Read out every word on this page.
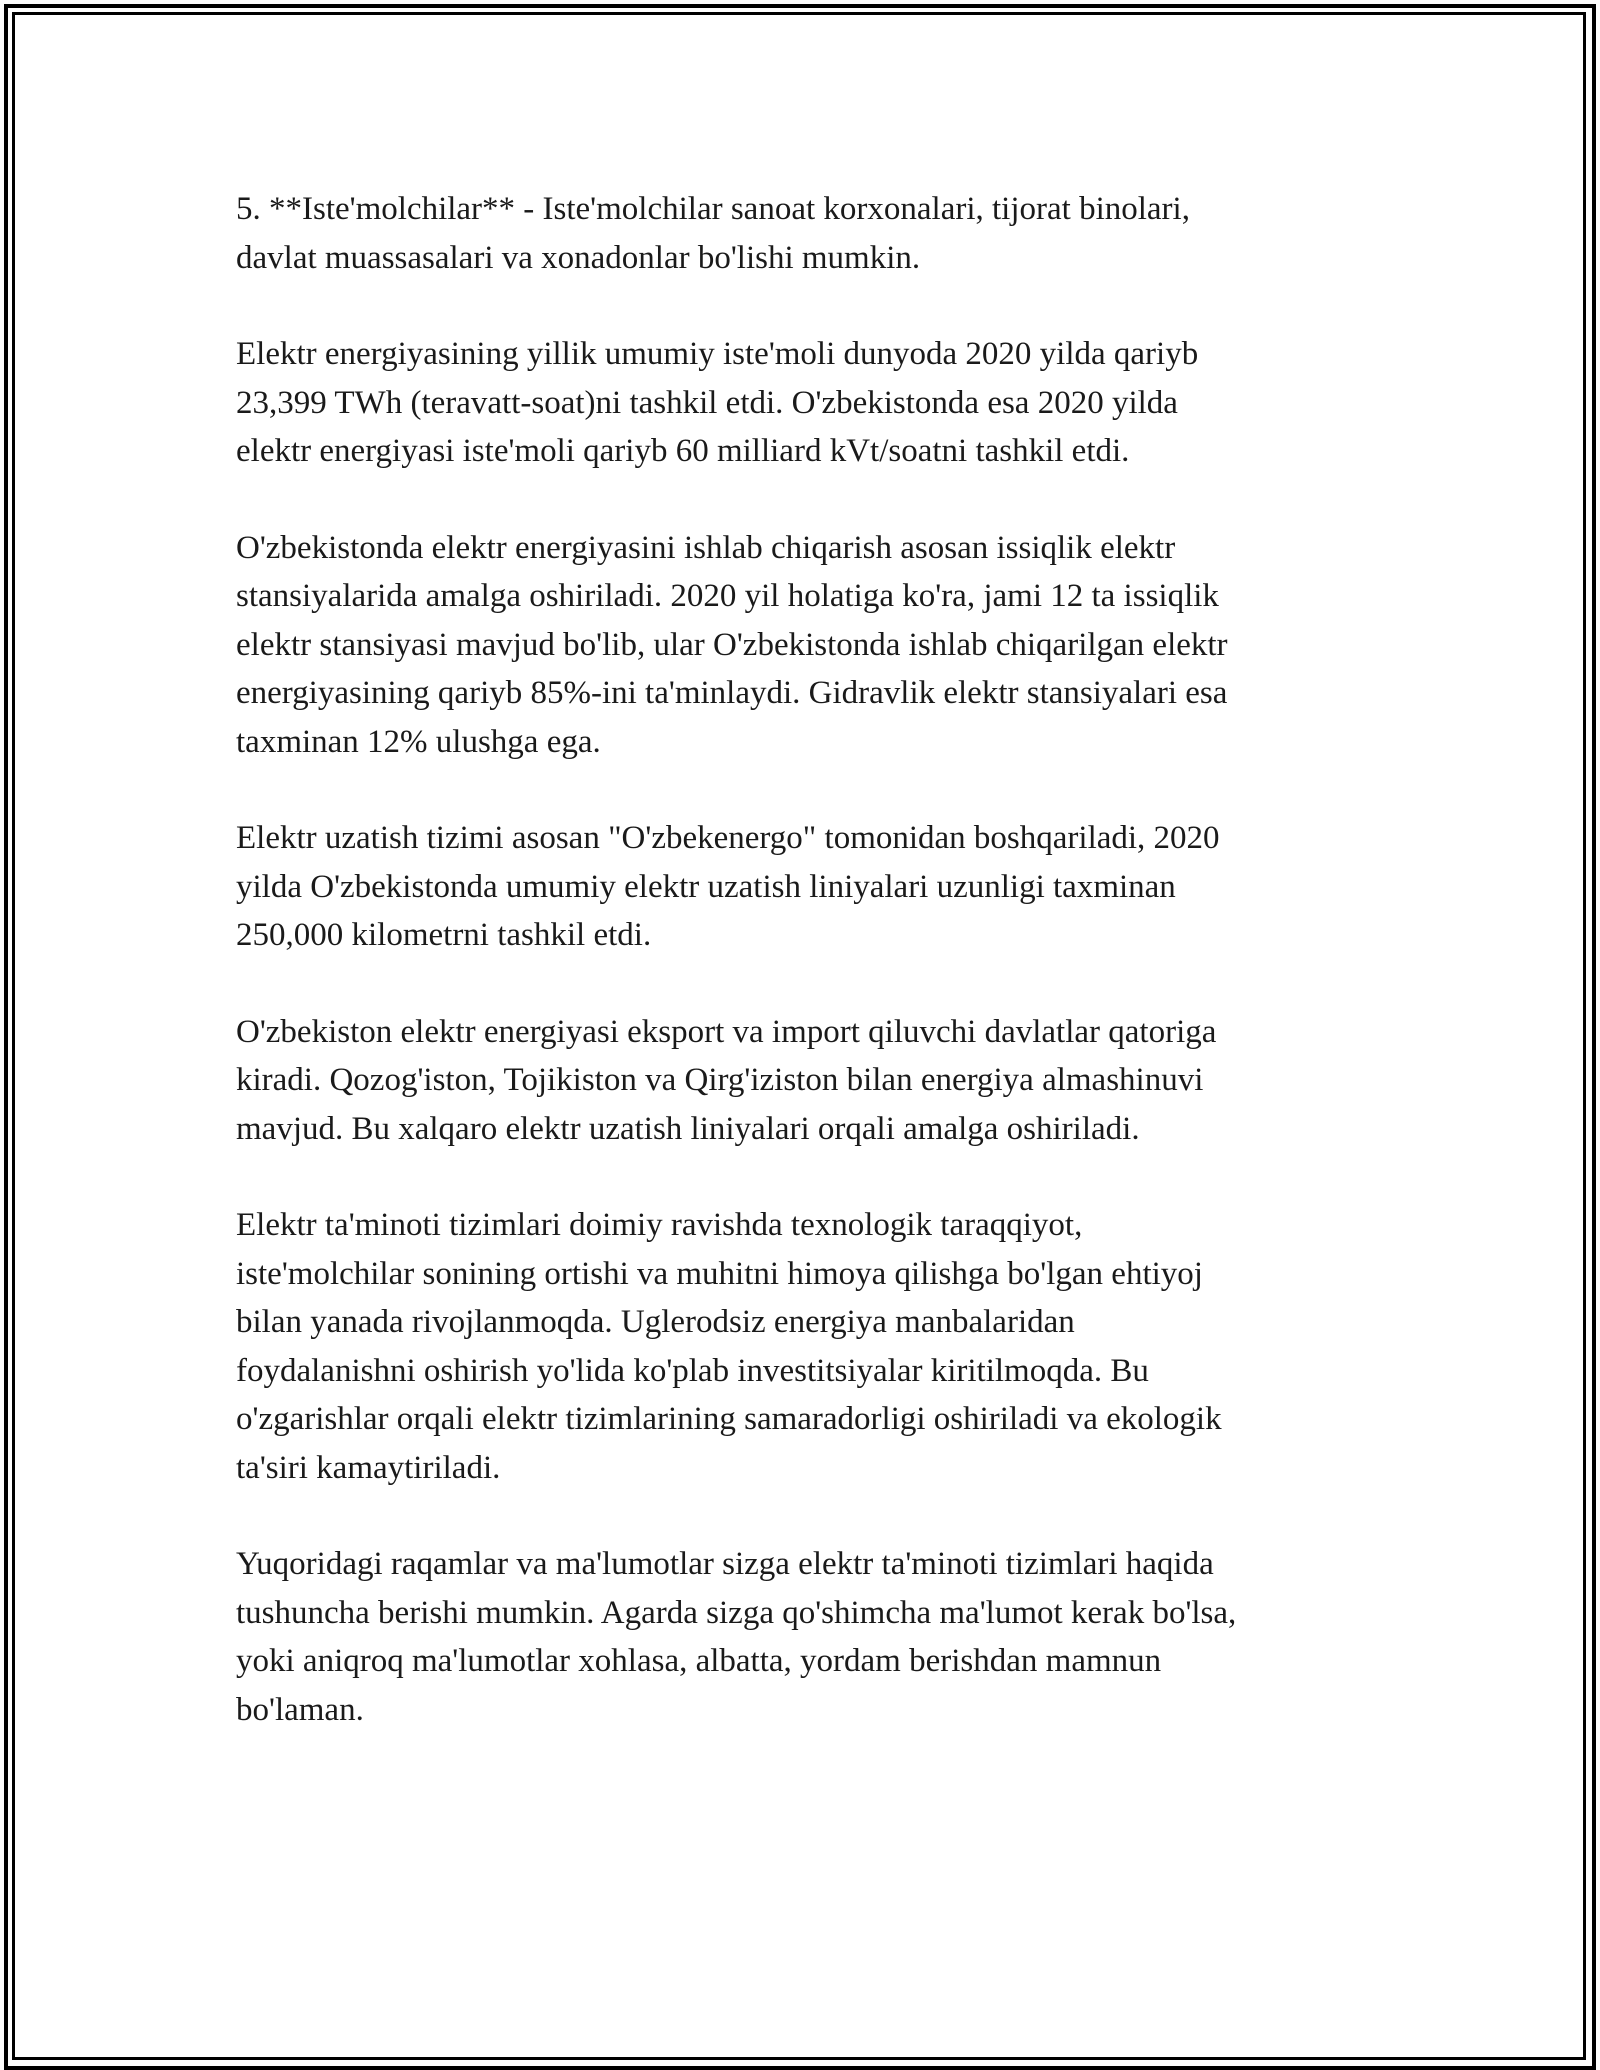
5. **Iste'molchilar** - Iste'molchilar sanoat korxonalari, tijorat binolari,
davlat muassasalari va xonadonlar bo'lishi mumkin.

Elektr energiyasining yillik umumiy iste'moli dunyoda 2020 yilda qariyb
23,399 TWh (teravatt-soat)ni tashkil etdi. O'zbekistonda esa 2020 yilda
elektr energiyasi iste'moli qariyb 60 milliard kVt/soatni tashkil etdi.

O'zbekistonda elektr energiyasini ishlab chiqarish asosan issiqlik elektr
stansiyalarida amalga oshiriladi. 2020 yil holatiga ko'ra, jami 12 ta issiqlik
elektr stansiyasi mavjud bo'lib, ular O'zbekistonda ishlab chiqarilgan elektr
energiyasining qariyb 85%-ini ta'minlaydi. Gidravlik elektr stansiyalari esa
taxminan 12% ulushga ega.

Elektr uzatish tizimi asosan "O'zbekenergo" tomonidan boshqariladi, 2020
yilda O'zbekistonda umumiy elektr uzatish liniyalari uzunligi taxminan
250,000 kilometrni tashkil etdi.

O'zbekiston elektr energiyasi eksport va import qiluvchi davlatlar qatoriga
kiradi. Qozog'iston, Tojikiston va Qirg'iziston bilan energiya almashinuvi
mavjud. Bu xalqaro elektr uzatish liniyalari orqali amalga oshiriladi.

Elektr ta'minoti tizimlari doimiy ravishda texnologik taraqqiyot,
iste'molchilar sonining ortishi va muhitni himoya qilishga bo'lgan ehtiyoj
bilan yanada rivojlanmoqda. Uglerodsiz energiya manbalaridan
foydalanishni oshirish yo'lida ko'plab investitsiyalar kiritilmoqda. Bu
o'zgarishlar orqali elektr tizimlarining samaradorligi oshiriladi va ekologik
ta'siri kamaytiriladi.

Yuqoridagi raqamlar va ma'lumotlar sizga elektr ta'minoti tizimlari haqida
tushuncha berishi mumkin. Agarda sizga qo'shimcha ma'lumot kerak bo'lsa,
yoki aniqroq ma'lumotlar xohlasa, albatta, yordam berishdan mamnun
bo'laman.
